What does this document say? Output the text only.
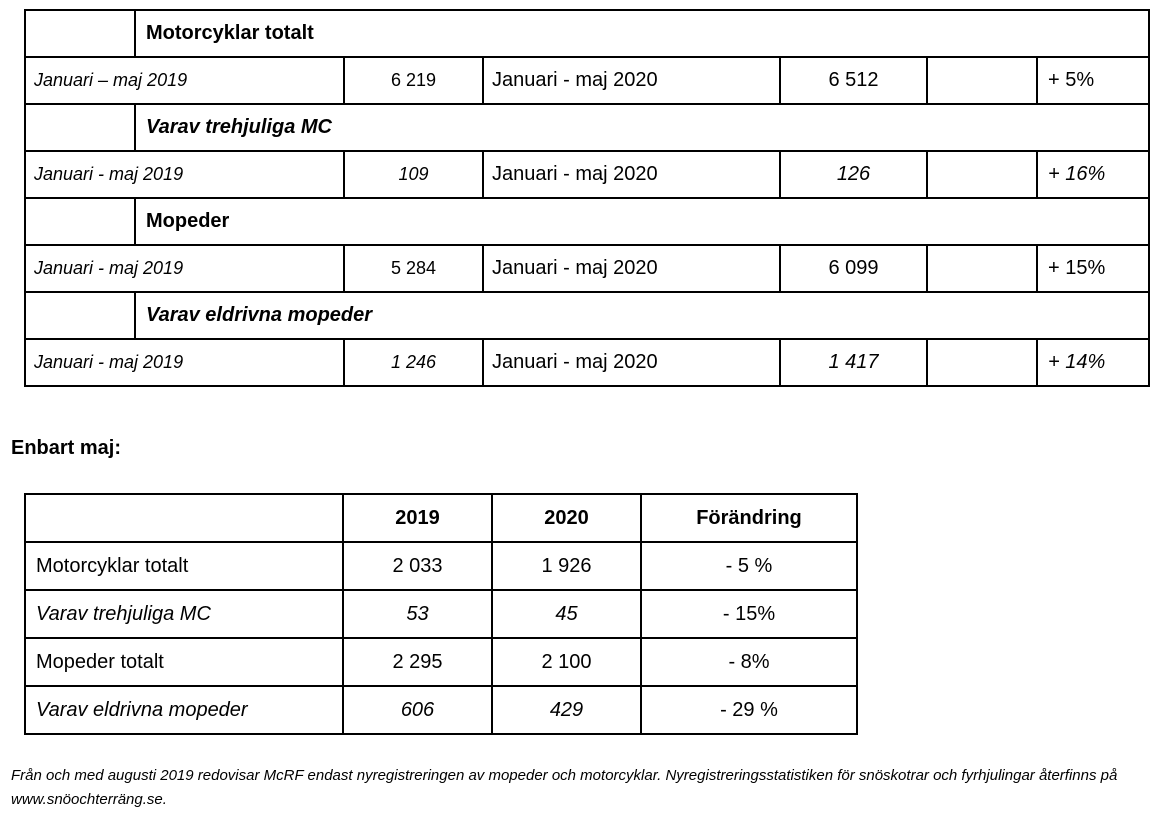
	Motorcyklar totalt					
Januari – maj 2019		6 219	Januari - maj 2020	6 512		+ 5%
	Varav trehjuliga MC					
Januari - maj 2019		109	Januari - maj 2020	126		+ 16%
	Mopeder					
Januari - maj 2019		5 284	Januari - maj 2020	6 099		+ 15%
	Varav eldrivna mopeder					
Januari - maj 2019		1 246	Januari - maj 2020	1 417		+ 14%
Enbart maj:
	2019	2020	Förändring
Motorcyklar totalt	2 033	1 926	- 5 %
Varav trehjuliga MC	53	45	- 15%
Mopeder totalt	2 295	2 100	- 8%
Varav eldrivna mopeder	606	429	- 29 %

Från och med augusti 2019 redovisar McRF endast nyregistreringen av mopeder och motorcyklar. Nyregistreringsstatistiken för snöskotrar och fyrhjulingar återfinns på www.snöochterräng.se.
